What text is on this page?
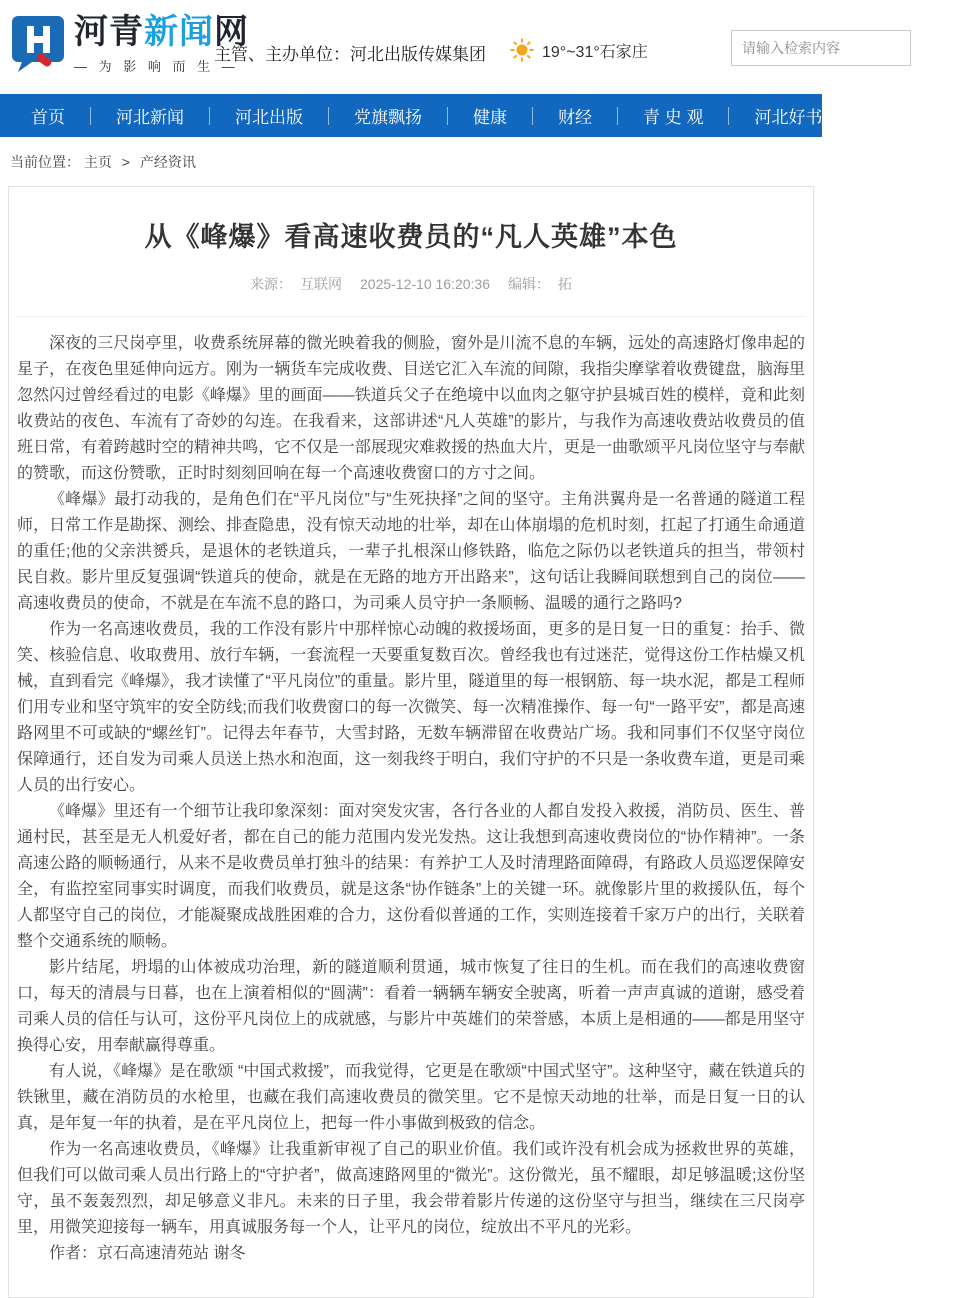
河青新闻网
— 为 影 响 而 生 —
主管、主办单位：河北出版传媒集团	19°~31°石家庄
请输入检索内容
首页	河北新闻	河北出版	党旗飘扬	健康	财经	青 史 观	河北好书	全民辟谣
当前位置： 主页 > 产经资讯
从《峰爆》看高速收费员的“凡人英雄”本色
来源： 互联网 2025-12-10 16:20:36 编辑： 拓

深夜的三尺岗亭里，收费系统屏幕的微光映着我的侧脸，窗外是川流不息的车辆，远处的高速路灯像串起的星子，在夜色里延伸向远方。刚为一辆货车完成收费、目送它汇入车流的间隙，我指尖摩挲着收费键盘，脑海里忽然闪过曾经看过的电影《峰爆》里的画面——铁道兵父子在绝境中以血肉之躯守护县城百姓的模样，竟和此刻收费站的夜色、车流有了奇妙的勾连。在我看来，这部讲述“凡人英雄”的影片，与我作为高速收费站收费员的值班日常，有着跨越时空的精神共鸣，它不仅是一部展现灾难救援的热血大片，更是一曲歌颂平凡岗位坚守与奉献的赞歌，而这份赞歌，正时时刻刻回响在每一个高速收费窗口的方寸之间。

《峰爆》最打动我的，是角色们在“平凡岗位”与“生死抉择”之间的坚守。主角洪翼舟是一名普通的隧道工程师，日常工作是勘探、测绘、排查隐患，没有惊天动地的壮举，却在山体崩塌的危机时刻，扛起了打通生命通道的重任;他的父亲洪赟兵，是退休的老铁道兵，一辈子扎根深山修铁路，临危之际仍以老铁道兵的担当，带领村民自救。影片里反复强调“铁道兵的使命，就是在无路的地方开出路来”，这句话让我瞬间联想到自己的岗位——高速收费员的使命，不就是在车流不息的路口，为司乘人员守护一条顺畅、温暖的通行之路吗?

作为一名高速收费员，我的工作没有影片中那样惊心动魄的救援场面，更多的是日复一日的重复：抬手、微笑、核验信息、收取费用、放行车辆，一套流程一天要重复数百次。曾经我也有过迷茫，觉得这份工作枯燥又机械，直到看完《峰爆》，我才读懂了“平凡岗位”的重量。影片里，隧道里的每一根钢筋、每一块水泥，都是工程师们用专业和坚守筑牢的安全防线;而我们收费窗口的每一次微笑、每一次精准操作、每一句“一路平安”，都是高速路网里不可或缺的“螺丝钉”。记得去年春节，大雪封路，无数车辆滞留在收费站广场。我和同事们不仅坚守岗位保障通行，还自发为司乘人员送上热水和泡面，这一刻我终于明白，我们守护的不只是一条收费车道，更是司乘人员的出行安心。

《峰爆》里还有一个细节让我印象深刻：面对突发灾害，各行各业的人都自发投入救援，消防员、医生、普通村民，甚至是无人机爱好者，都在自己的能力范围内发光发热。这让我想到高速收费岗位的“协作精神”。一条高速公路的顺畅通行，从来不是收费员单打独斗的结果：有养护工人及时清理路面障碍，有路政人员巡逻保障安全，有监控室同事实时调度，而我们收费员，就是这条“协作链条”上的关键一环。就像影片里的救援队伍，每个人都坚守自己的岗位，才能凝聚成战胜困难的合力，这份看似普通的工作，实则连接着千家万户的出行，关联着整个交通系统的顺畅。

影片结尾，坍塌的山体被成功治理，新的隧道顺利贯通，城市恢复了往日的生机。而在我们的高速收费窗口，每天的清晨与日暮，也在上演着相似的“圆满”：看着一辆辆车辆安全驶离，听着一声声真诚的道谢，感受着司乘人员的信任与认可，这份平凡岗位上的成就感，与影片中英雄们的荣誉感，本质上是相通的——都是用坚守换得心安，用奉献赢得尊重。

有人说，《峰爆》是在歌颂 “中国式救援”，而我觉得，它更是在歌颂“中国式坚守”。这种坚守，藏在铁道兵的铁锹里，藏在消防员的水枪里，也藏在我们高速收费员的微笑里。它不是惊天动地的壮举，而是日复一日的认真，是年复一年的执着，是在平凡岗位上，把每一件小事做到极致的信念。

作为一名高速收费员，《峰爆》让我重新审视了自己的职业价值。我们或许没有机会成为拯救世界的英雄，但我们可以做司乘人员出行路上的“守护者”，做高速路网里的“微光”。这份微光，虽不耀眼，却足够温暖;这份坚守，虽不轰轰烈烈，却足够意义非凡。未来的日子里，我会带着影片传递的这份坚守与担当，继续在三尺岗亭里，用微笑迎接每一辆车，用真诚服务每一个人，让平凡的岗位，绽放出不平凡的光彩。

作者：京石高速清苑站 谢冬
